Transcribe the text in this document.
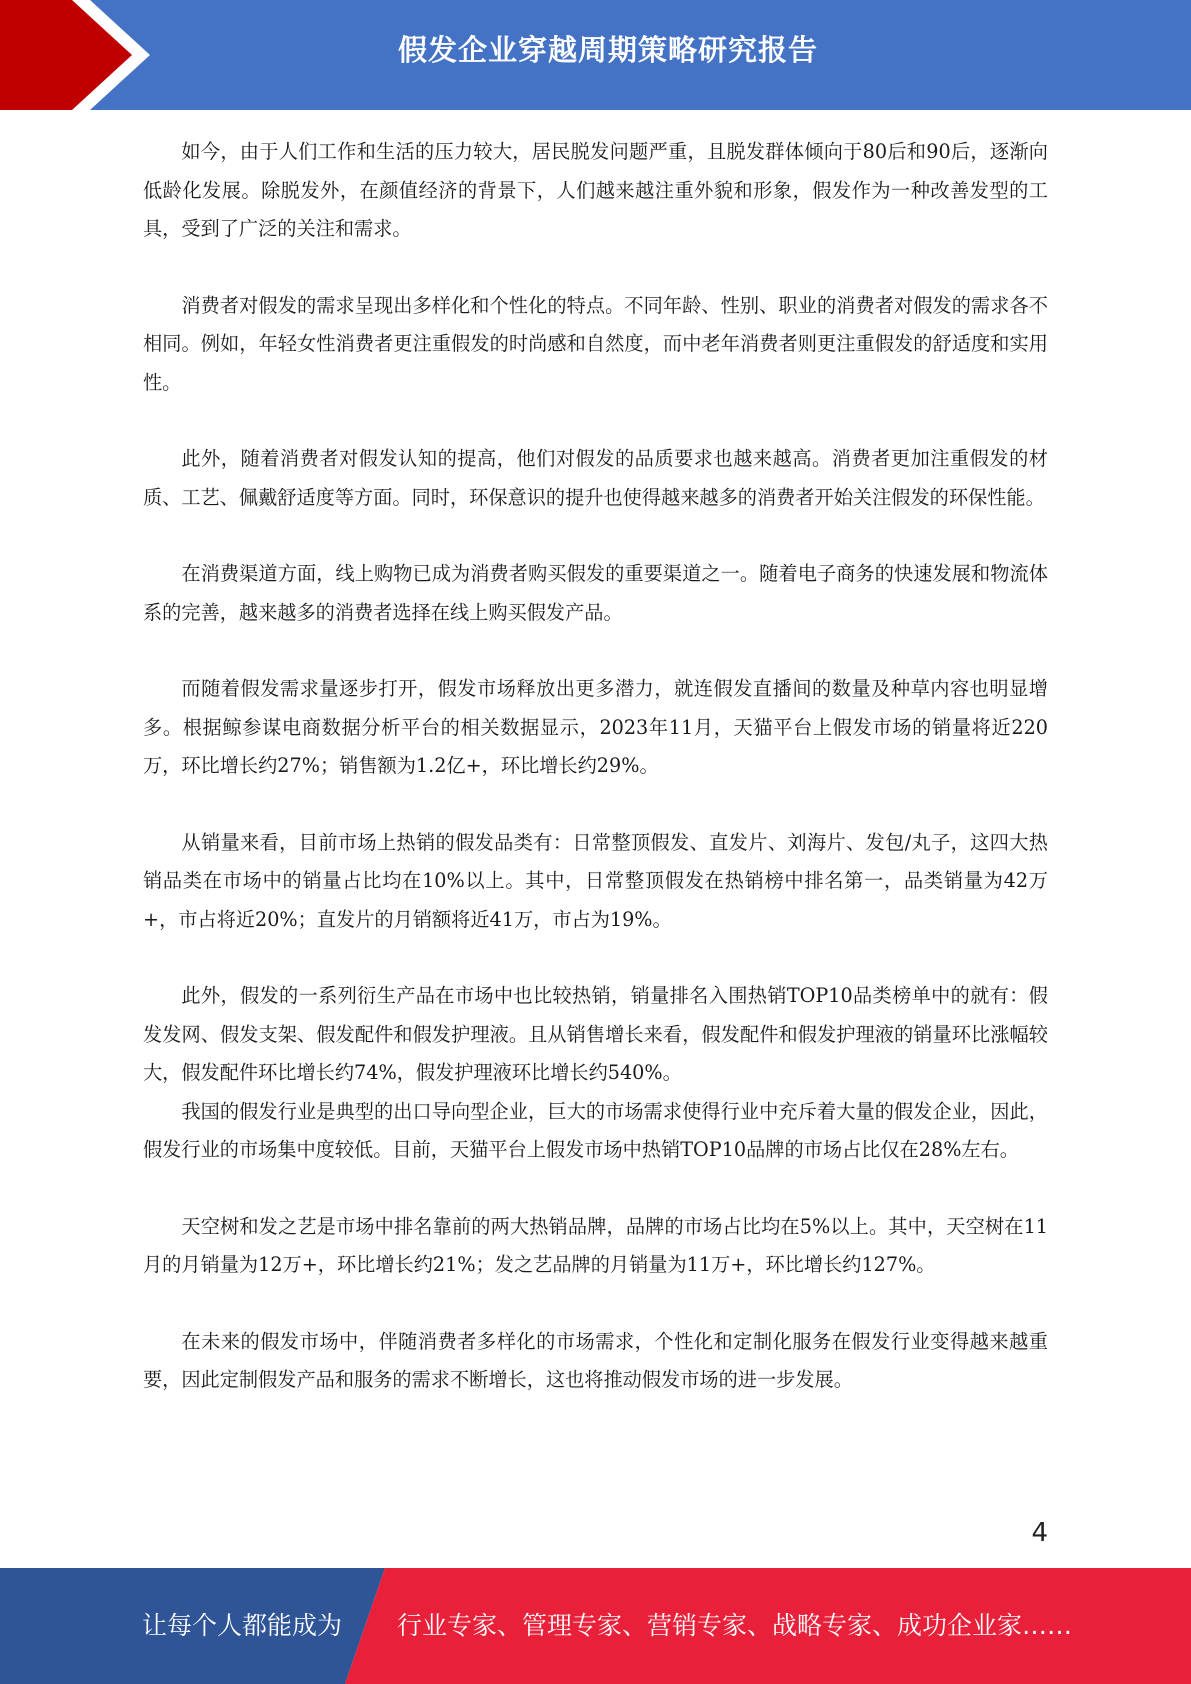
假发企业穿越周期策略研究报告

如今，由于人们工作和生活的压力较大，居民脱发问题严重，且脱发群体倾向于80后和90后，逐渐向低龄化发展。除脱发外，在颜值经济的背景下，人们越来越注重外貌和形象，假发作为一种改善发型的工具，受到了广泛的关注和需求。

消费者对假发的需求呈现出多样化和个性化的特点。不同年龄、性别、职业的消费者对假发的需求各不相同。例如，年轻女性消费者更注重假发的时尚感和自然度，而中老年消费者则更注重假发的舒适度和实用性。

此外，随着消费者对假发认知的提高，他们对假发的品质要求也越来越高。消费者更加注重假发的材质、工艺、佩戴舒适度等方面。同时，环保意识的提升也使得越来越多的消费者开始关注假发的环保性能。

在消费渠道方面，线上购物已成为消费者购买假发的重要渠道之一。随着电子商务的快速发展和物流体系的完善，越来越多的消费者选择在线上购买假发产品。

而随着假发需求量逐步打开，假发市场释放出更多潜力，就连假发直播间的数量及种草内容也明显增多。根据鲸参谋电商数据分析平台的相关数据显示，2023年11月，天猫平台上假发市场的销量将近220万，环比增长约27%；销售额为1.2亿+，环比增长约29%。

从销量来看，目前市场上热销的假发品类有：日常整顶假发、直发片、刘海片、发包/丸子，这四大热销品类在市场中的销量占比均在10%以上。其中，日常整顶假发在热销榜中排名第一，品类销量为42万+，市占将近20%；直发片的月销额将近41万，市占为19%。

此外，假发的一系列衍生产品在市场中也比较热销，销量排名入围热销TOP10品类榜单中的就有：假发发网、假发支架、假发配件和假发护理液。且从销售增长来看，假发配件和假发护理液的销量环比涨幅较大，假发配件环比增长约74%，假发护理液环比增长约540%。

我国的假发行业是典型的出口导向型企业，巨大的市场需求使得行业中充斥着大量的假发企业，因此，假发行业的市场集中度较低。目前，天猫平台上假发市场中热销TOP10品牌的市场占比仅在28%左右。

天空树和发之艺是市场中排名靠前的两大热销品牌，品牌的市场占比均在5%以上。其中，天空树在11月的月销量为12万+，环比增长约21%；发之艺品牌的月销量为11万+，环比增长约127%。

在未来的假发市场中，伴随消费者多样化的市场需求，个性化和定制化服务在假发行业变得越来越重要，因此定制假发产品和服务的需求不断增长，这也将推动假发市场的进一步发展。

4
让每个人都能成为 行业专家、管理专家、营销专家、战略专家、成功企业家……
